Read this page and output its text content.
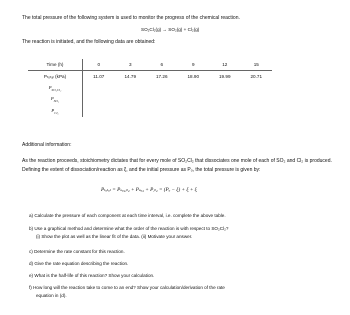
The total pressure of the following system is used to monitor the progress of the chemical reaction.
SO₂Cl₂(g) → SO₂(g) + Cl₂(g)
The reaction is initiated, and the following data are obtained:
Time (h)	0	3	6	9	12	15
Pₜₒₜₐₗ (kPa)	11.07	14.79	17.26	18.90	19.99	20.71
$P_{SO_2Cl_2}$						
$P_{SO_2}$						
$P_{Cl_2}$						
Additional information:
As the reaction proceeds, stoichiometry dictates that for every mole of SO₂Cl₂ that dissociates one mole of each of SO₂ and Cl₂ is produced. Defining the extent of dissociation/reaction as ξ, and the initial pressure as Pₒ, the total pressure is given by:
Pₜₒₜₐₗ = Pₛₒ₂ⱼₗ₂ + Pₛₒ₂ + Pⱼₗ₂ = (Pₒ − ξ) + ξ + ξ
a) Calculate the pressure of each component at each time interval, i.e. complete the above table.
b) Use a graphical method and determine what the order of the reaction is with respect to SO₂Cl₂?
(i) Show the plot as well as the linear fit of the data. (ii) Motivate your answer.
c) Determine the rate constant for this reaction.
d) Give the rate equation describing the reaction.
e) What is the half-life of this reaction? Show your calculation.
f) How long will the reaction take to come to an end? Show your calculation/derivation of the rate
equation in (d).
